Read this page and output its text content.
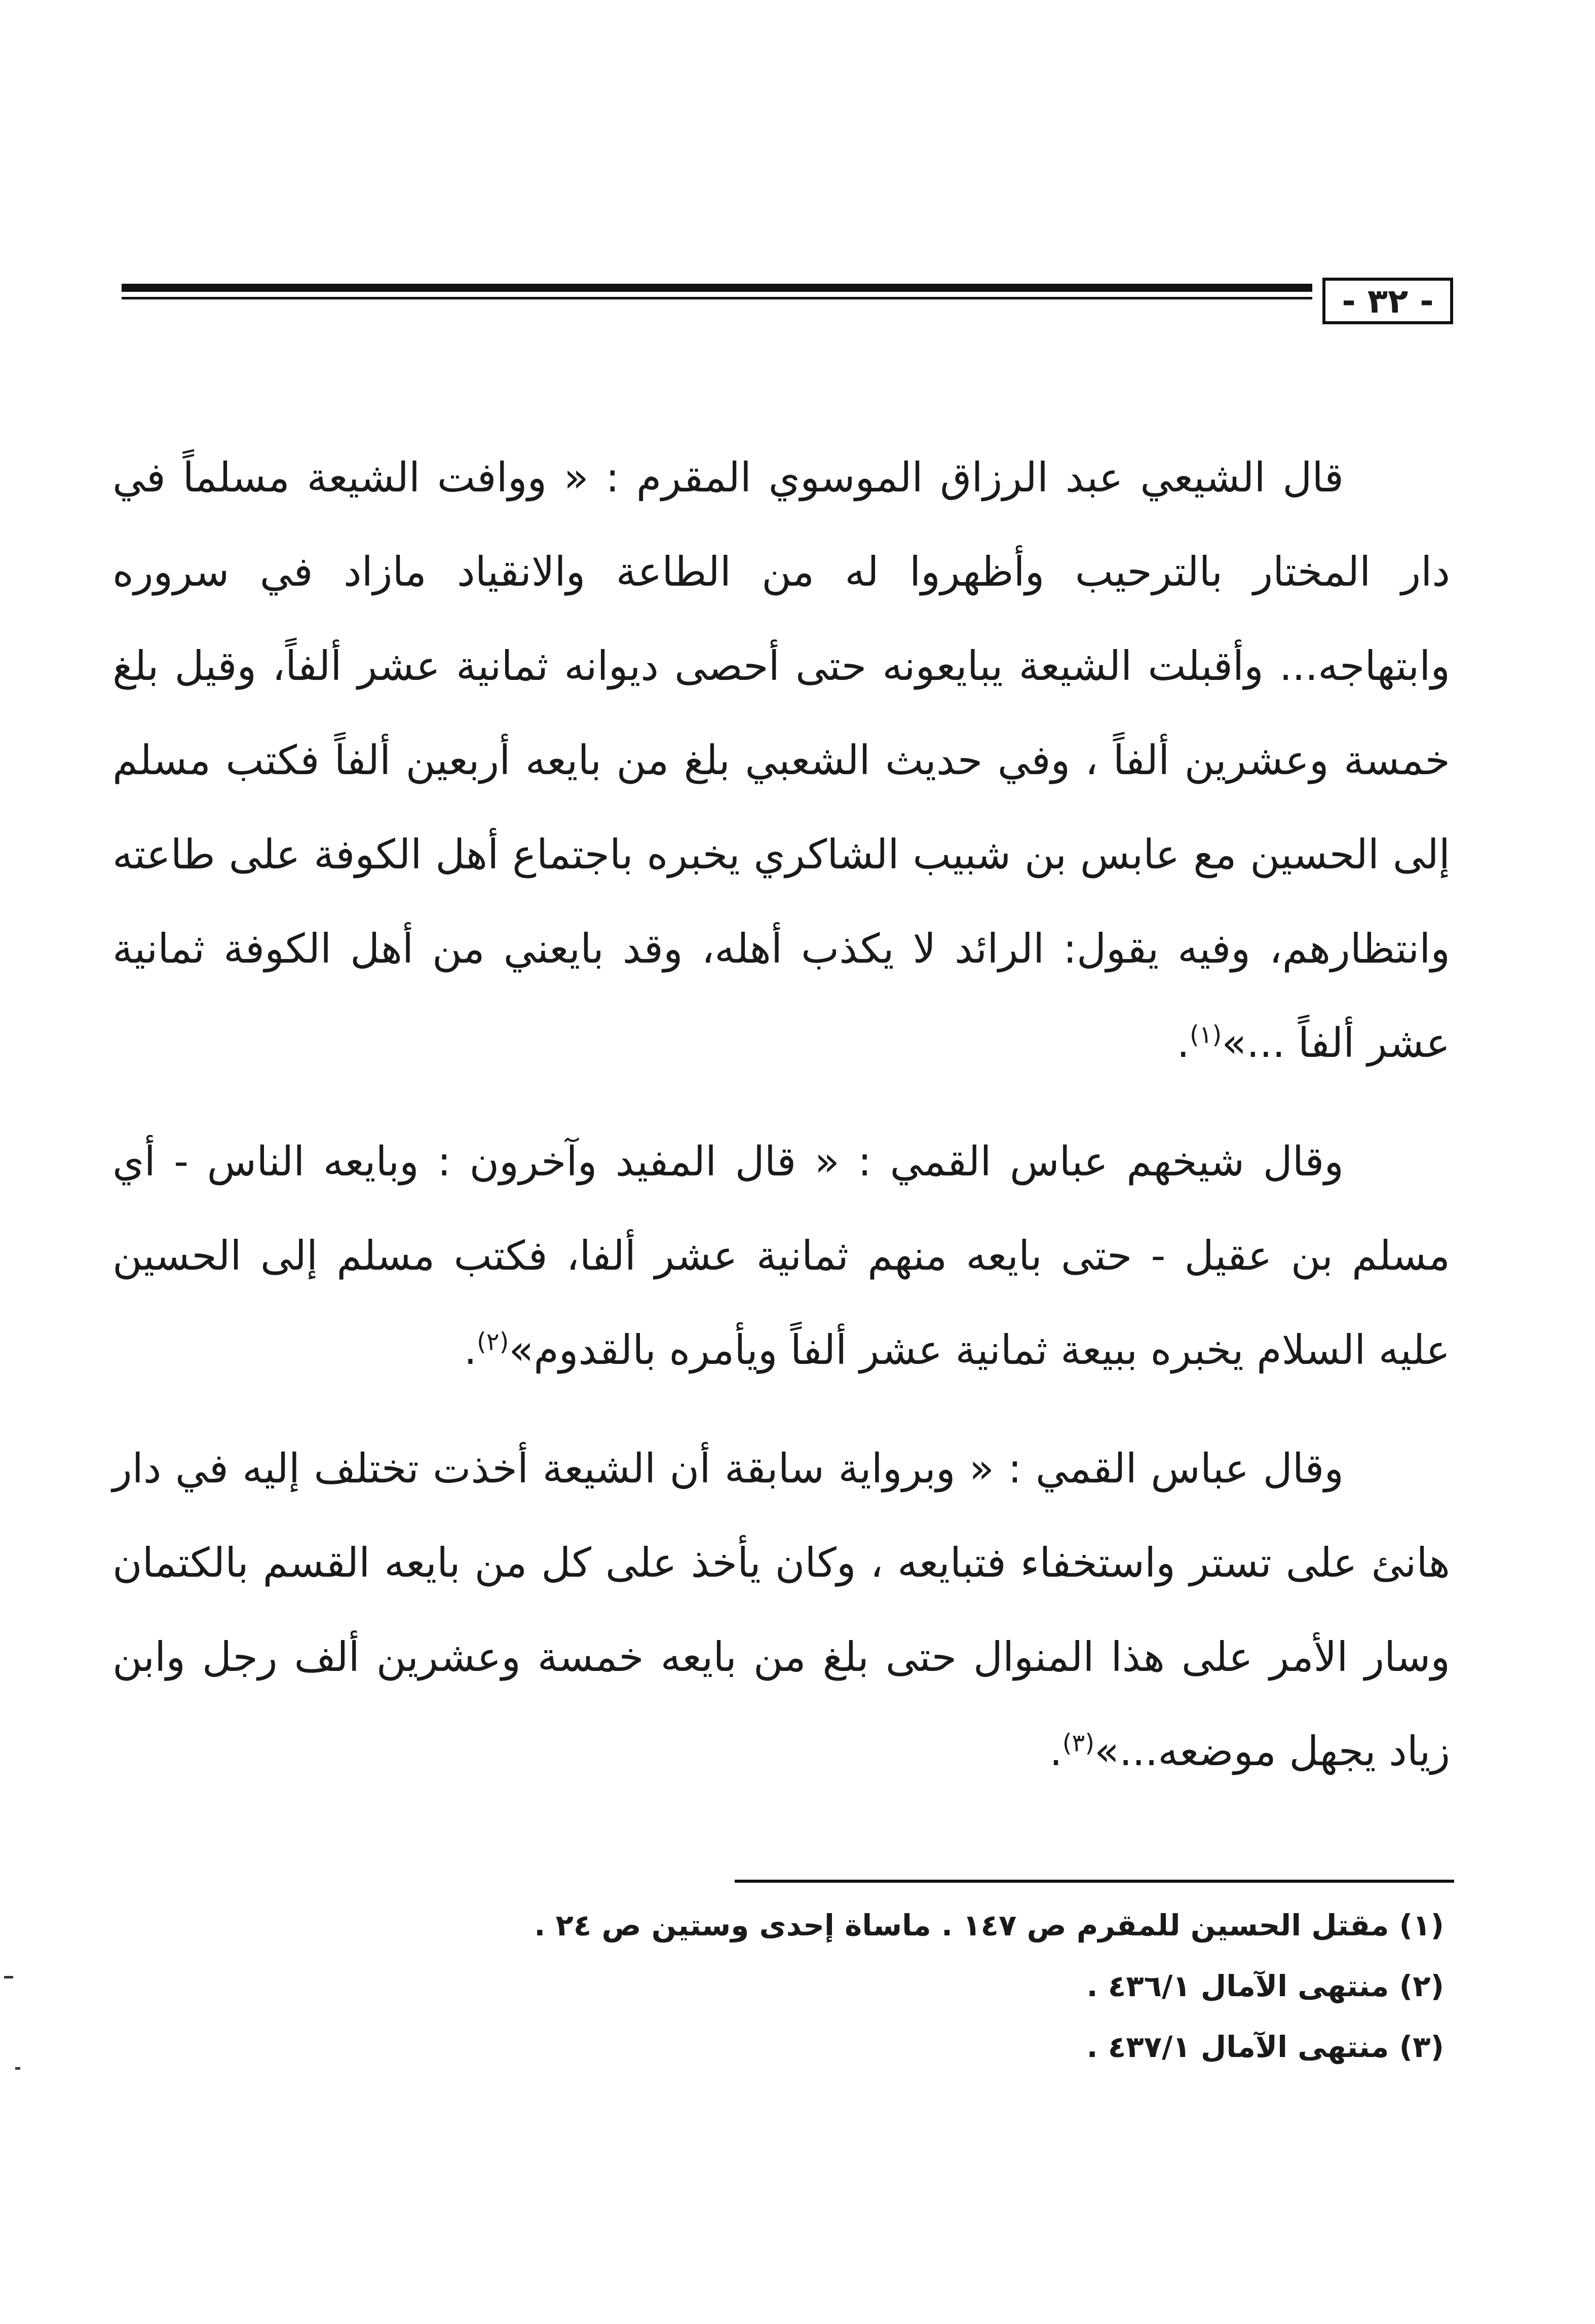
- ٣٢ -

قال الشيعي عبد الرزاق الموسوي المقرم : « ووافت الشيعة مسلماً في دار المختار بالترحيب وأظهروا له من الطاعة والانقياد مازاد في سروره وابتهاجه... وأقبلت الشيعة يبايعونه حتى أحصى ديوانه ثمانية عشر ألفاً، وقيل بلغ خمسة وعشرين ألفاً ، وفي حديث الشعبي بلغ من بايعه أربعين ألفاً فكتب مسلم إلى الحسين مع عابس بن شبيب الشاكري يخبره باجتماع أهل الكوفة على طاعته وانتظارهم، وفيه يقول: الرائد لا يكذب أهله، وقد بايعني من أهل الكوفة ثمانية عشر ألفاً ...»$^{(١)}$.

وقال شيخهم عباس القمي : « قال المفيد وآخرون : وبايعه الناس - أي مسلم بن عقيل - حتى بايعه منهم ثمانية عشر ألفا، فكتب مسلم إلى الحسين عليه السلام يخبره ببيعة ثمانية عشر ألفاً ويأمره بالقدوم»$^{(٢)}$.

وقال عباس القمي : « وبرواية سابقة أن الشيعة أخذت تختلف إليه في دار هانئ على تستر واستخفاء فتبايعه ، وكان يأخذ على كل من بايعه القسم بالكتمان وسار الأمر على هذا المنوال حتى بلغ من بايعه خمسة وعشرين ألف رجل وابن زياد يجهل موضعه...»$^{(٣)}$.

(١) مقتل الحسين للمقرم ص ١٤٧ . ماساة إحدى وستين ص ٢٤ .
(٢) منتهى الآمال ٤٣٦/١ .
(٣) منتهى الآمال ٤٣٧/١ .
